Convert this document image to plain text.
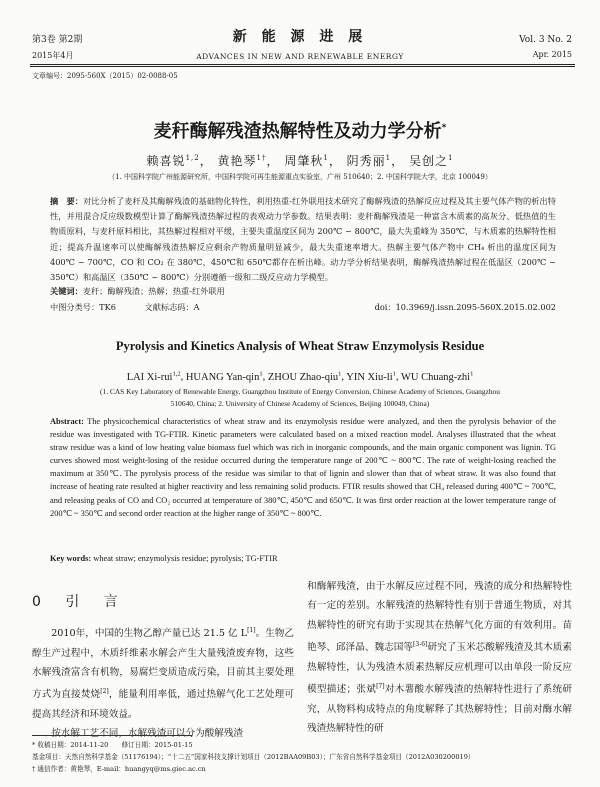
第3卷 第2期
2015年4月
新 能 源 进 展
ADVANCES IN NEW AND RENEWABLE ENERGY
Vol. 3 No. 2
Apr. 2015
文章编号：2095-560X（2015）02-0088-05
麦秆酶解残渣热解特性及动力学分析*
赖喜锐$^{1,2}$， 黄艳琴$^{1\dagger}$， 周肇秋$^1$， 阴秀丽$^1$， 吴创之$^1$
（1. 中国科学院广州能源研究所，中国科学院可再生能源重点实验室，广州 510640；2. 中国科学院大学，北京 100049）
摘　要：对比分析了麦秆及其酶解残渣的基础物化特性，利用热重-红外联用技术研究了酶解残渣的热解反应过程及其主要气体产物的析出特性，并用混合反应级数模型计算了酶解残渣热解过程的表观动力学参数。结果表明：麦秆酶解残渣是一种富含木质素的高灰分、低热值的生物质原料，与麦秆原料相比，其热解过程相对平缓，主要失重温度区间为 200℃ ~ 800℃，最大失重峰为 350℃，与木质素的热解特性相近；提高升温速率可以使酶解残渣热解反应剩余产物质量明显减少，最大失重速率增大。热解主要气体产物中 CH₄ 析出的温度区间为 400℃ ~ 700℃，CO 和 CO₂ 在 380℃、450℃和 650℃都存在析出峰。动力学分析结果表明，酶解残渣热解过程在低温区（200℃ ~ 350℃）和高温区（350℃ ~ 800℃）分别遵循一级和二级反应动力学模型。
关键词：麦秆；酶解残渣；热解；热重-红外联用
中图分类号：TK6	文献标志码：A	doi：10.3969/j.issn.2095-560X.2015.02.002
Pyrolysis and Kinetics Analysis of Wheat Straw Enzymolysis Residue
LAI Xi-rui$^{1,2}$, HUANG Yan-qin$^1$, ZHOU Zhao-qiu$^1$, YIN Xiu-$li^1$, WU Chuang-zhi$^1$
(1. CAS Key Laboratory of Renewable Energy, Guangzhou Institute of Energy Conversion, Chinese Academy of Sciences, Guangzhou 510640, China; 2. University of Chinese Academy of Sciences, Beijing 100049, China)
Abstract: The physicochemical characteristics of wheat straw and its enzymolysis residue were analyzed, and then the pyrolysis behavior of the residue was investigated with TG-FTIR. Kinetic parameters were calculated based on a mixed reaction model. Analyses illustrated that the wheat straw residue was a kind of low heating value biomass fuel which was rich in inorganic compounds, and the main organic component was lignin. TG curves showed most weight-losing of the residue occurred during the temperature range of 200℃ ~ 800℃. The rate of weight-losing reached the maximum at 350℃. The pyrolysis process of the residue was similar to that of lignin and slower than that of wheat straw. It was also found that increase of heating rate resulted at higher reactivity and less remaining solid products. FTIR results showed that CH₄ released during 400℃ ~ 700℃, and releasing peaks of CO and CO₂ occurred at temperature of 380℃, 450℃ and 650℃. It was first order reaction at the lower temperature range of 200℃ ~ 350℃ and second order reaction at the higher range of 350℃ ~ 800℃.
Key words: wheat straw; enzymolysis residue; pyrolysis; TG-FTIR
0 引 言

2010年，中国的生物乙醇产量已达 21.5 亿 L[1]。生物乙醇生产过程中，木质纤维素水解会产生大量残渣废弃物，这些水解残渣富含有机物，易腐烂变质造成污染，目前其主要处理方式为直接焚烧[2]，能量利用率低，通过热解气化工艺处理可提高其经济和环境效益。

按水解工艺不同，水解残渣可以分为酸解残渣

和酶解残渣，由于水解反应过程不同，残渣的成分和热解特性有一定的差别。水解残渣的热解特性有别于普通生物质，对其热解特性的研究有助于实现其在热解气化方面的有效利用。苗艳琴、邱泽晶、魏志国等[3-6]研究了玉米芯酸解残渣及其木质素热解特性，认为残渣木质素热解反应机理可以由单段一阶反应模型描述；张斌[7]对木薯酸水解残渣的热解特性进行了系统研究，从物料构成特点的角度解释了其热解特性；目前对酶水解残渣热解特性的研

* 收稿日期：2014-11-20　　修订日期：2015-01-15
基金项目：天然自然科学基金（51176194）；“十二五”国家科技支撑计划项目（2012BAA09B03）；广东省自然科学基金项目（2012A030200019）
† 通信作者：黄艳琴，E-mail：huangyq@ms.giec.ac.cn
